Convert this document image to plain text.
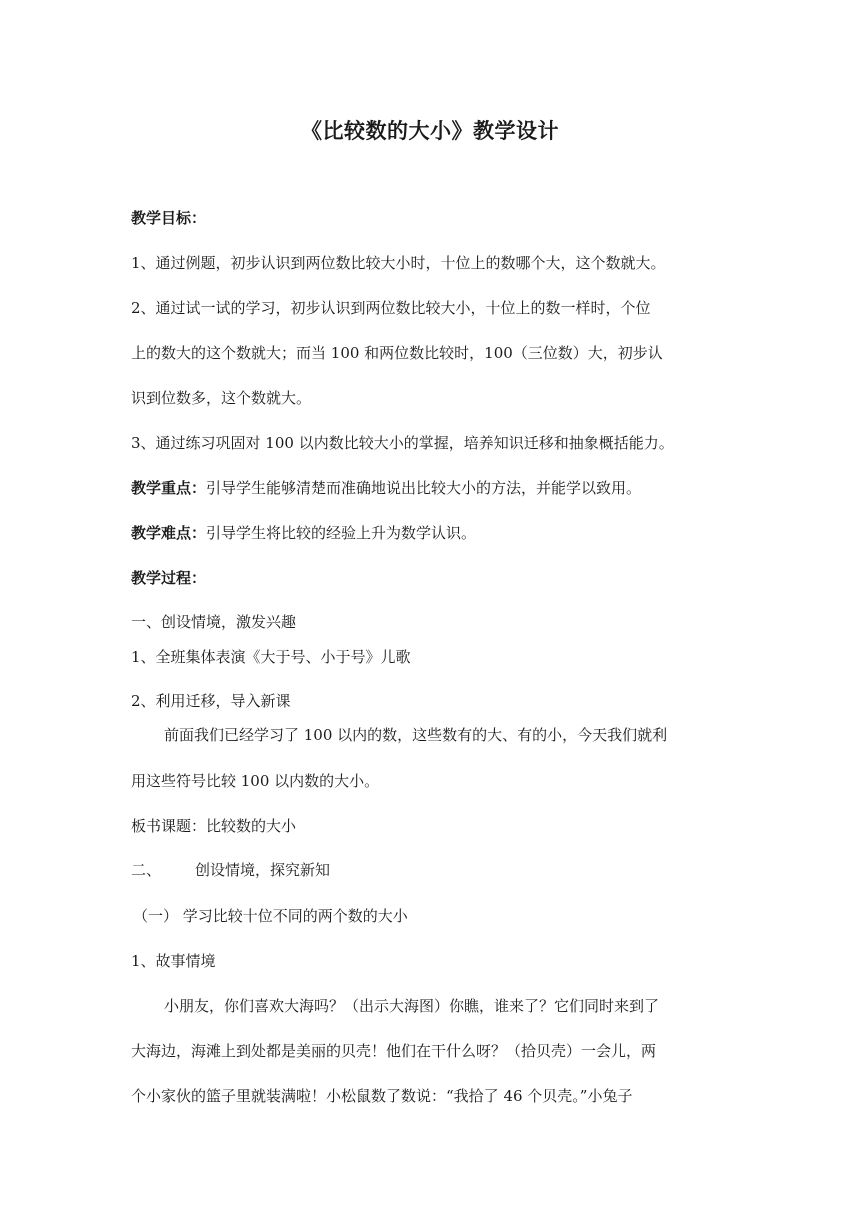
《比较数的大小》教学设计
教学目标：
1、通过例题，初步认识到两位数比较大小时，十位上的数哪个大，这个数就大。
2、通过试一试的学习，初步认识到两位数比较大小，十位上的数一样时，个位
上的数大的这个数就大；而当 100 和两位数比较时，100（三位数）大，初步认
识到位数多，这个数就大。
3、通过练习巩固对 100 以内数比较大小的掌握，培养知识迁移和抽象概括能力。
教学重点：引导学生能够清楚而准确地说出比较大小的方法，并能学以致用。
教学难点：引导学生将比较的经验上升为数学认识。
教学过程：
一、创设情境，激发兴趣
1、全班集体表演《大于号、小于号》儿歌
2、利用迁移，导入新课
前面我们已经学习了 100 以内的数，这些数有的大、有的小，今天我们就利
用这些符号比较 100 以内数的大小。
板书课题：比较数的大小
二、 创设情境，探究新知
（一） 学习比较十位不同的两个数的大小
1、故事情境
小朋友，你们喜欢大海吗？（出示大海图）你瞧，谁来了？它们同时来到了
大海边，海滩上到处都是美丽的贝壳！他们在干什么呀？（拾贝壳）一会儿，两
个小家伙的篮子里就装满啦！小松鼠数了数说：“我拾了 46 个贝壳。”小兔子
